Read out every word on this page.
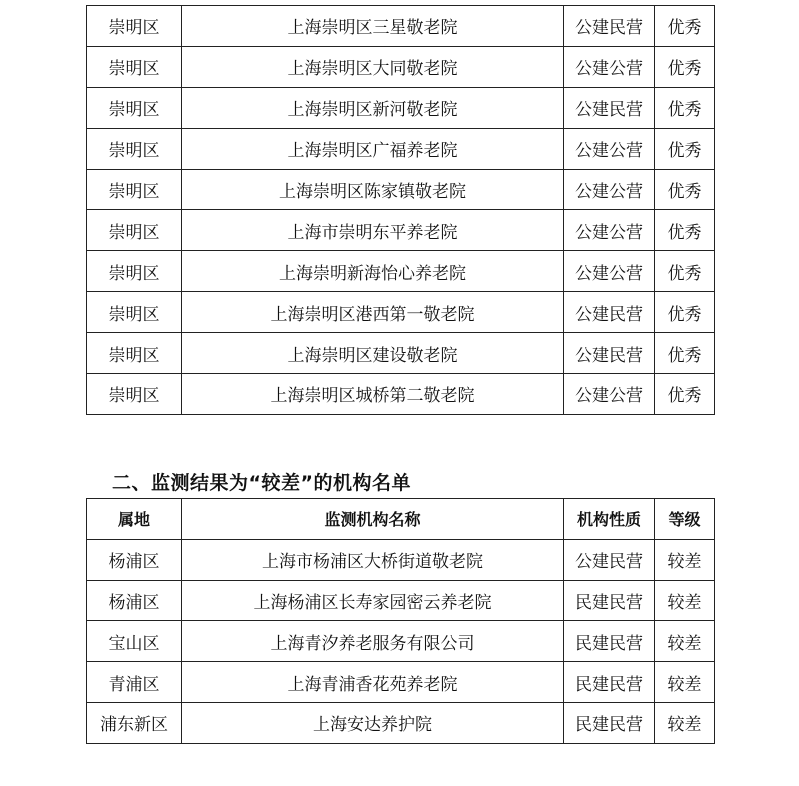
崇明区	上海崇明区三星敬老院	公建民营	优秀
崇明区	上海崇明区大同敬老院	公建公营	优秀
崇明区	上海崇明区新河敬老院	公建民营	优秀
崇明区	上海崇明区广福养老院	公建公营	优秀
崇明区	上海崇明区陈家镇敬老院	公建公营	优秀
崇明区	上海市崇明东平养老院	公建公营	优秀
崇明区	上海崇明新海怡心养老院	公建公营	优秀
崇明区	上海崇明区港西第一敬老院	公建民营	优秀
崇明区	上海崇明区建设敬老院	公建民营	优秀
崇明区	上海崇明区城桥第二敬老院	公建公营	优秀
二、监测结果为“较差”的机构名单
属地	监测机构名称	机构性质	等级
杨浦区	上海市杨浦区大桥街道敬老院	公建民营	较差
杨浦区	上海杨浦区长寿家园密云养老院	民建民营	较差
宝山区	上海青汐养老服务有限公司	民建民营	较差
青浦区	上海青浦香花苑养老院	民建民营	较差
浦东新区	上海安达养护院	民建民营	较差
